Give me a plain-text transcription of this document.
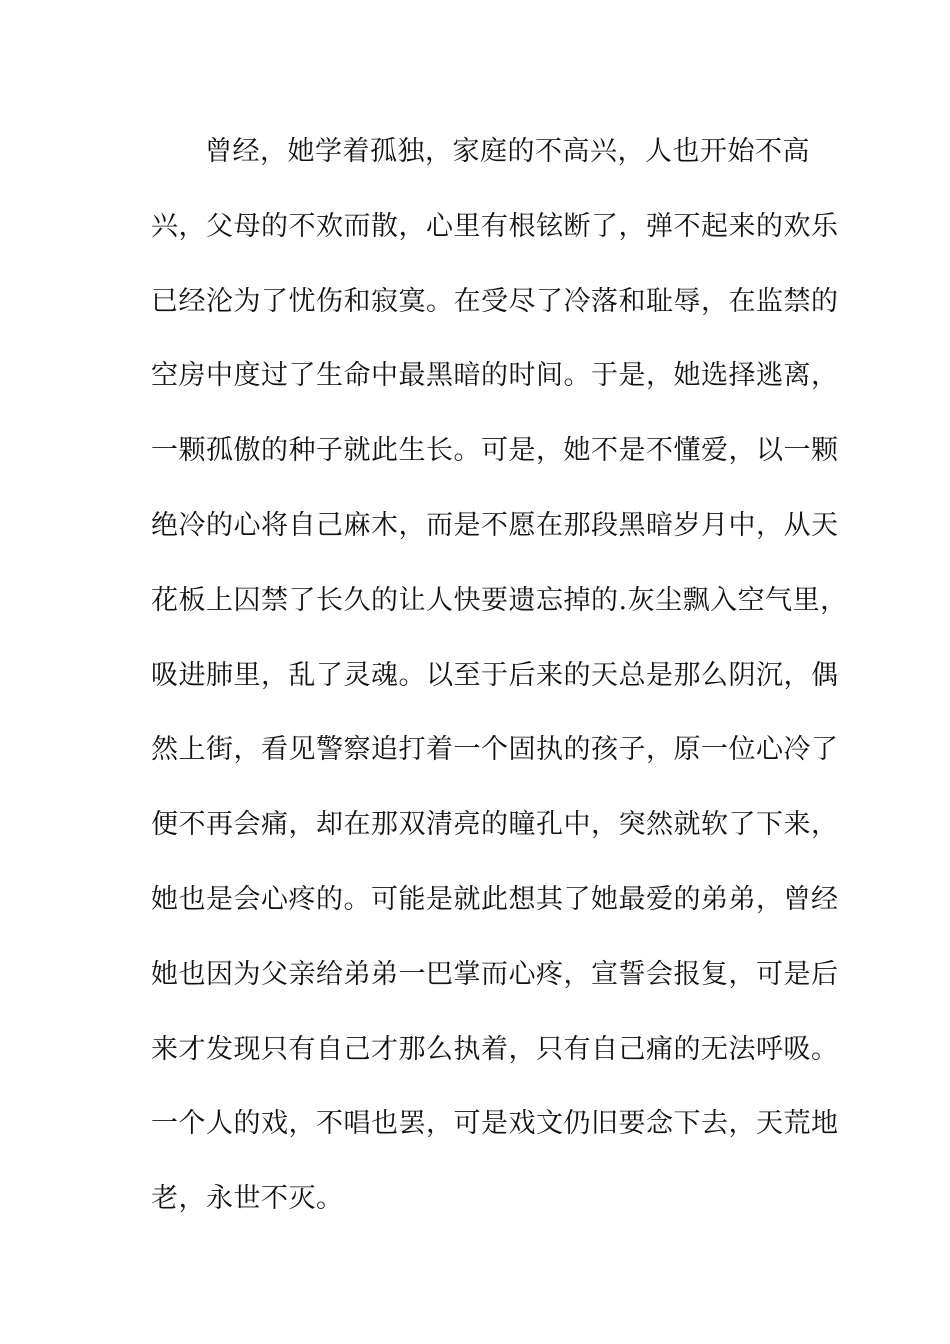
曾经，她学着孤独，家庭的不高兴，人也开始不高
兴，父母的不欢而散，心里有根铉断了，弹不起来的欢乐
已经沦为了忧伤和寂寞。在受尽了冷落和耻辱，在监禁的
空房中度过了生命中最黑暗的时间。于是，她选择逃离，
一颗孤傲的种子就此生长。可是，她不是不懂爱，以一颗
绝冷的心将自己麻木，而是不愿在那段黑暗岁月中，从天
花板上囚禁了长久的让人快要遗忘掉的.灰尘飘入空气里，
吸进肺里，乱了灵魂。以至于后来的天总是那么阴沉，偶
然上街，看见警察追打着一个固执的孩子，原一位心冷了
便不再会痛，却在那双清亮的瞳孔中，突然就软了下来，
她也是会心疼的。可能是就此想其了她最爱的弟弟，曾经
她也因为父亲给弟弟一巴掌而心疼，宣誓会报复，可是后
来才发现只有自己才那么执着，只有自己痛的无法呼吸。
一个人的戏，不唱也罢，可是戏文仍旧要念下去，天荒地
老，永世不灭。
